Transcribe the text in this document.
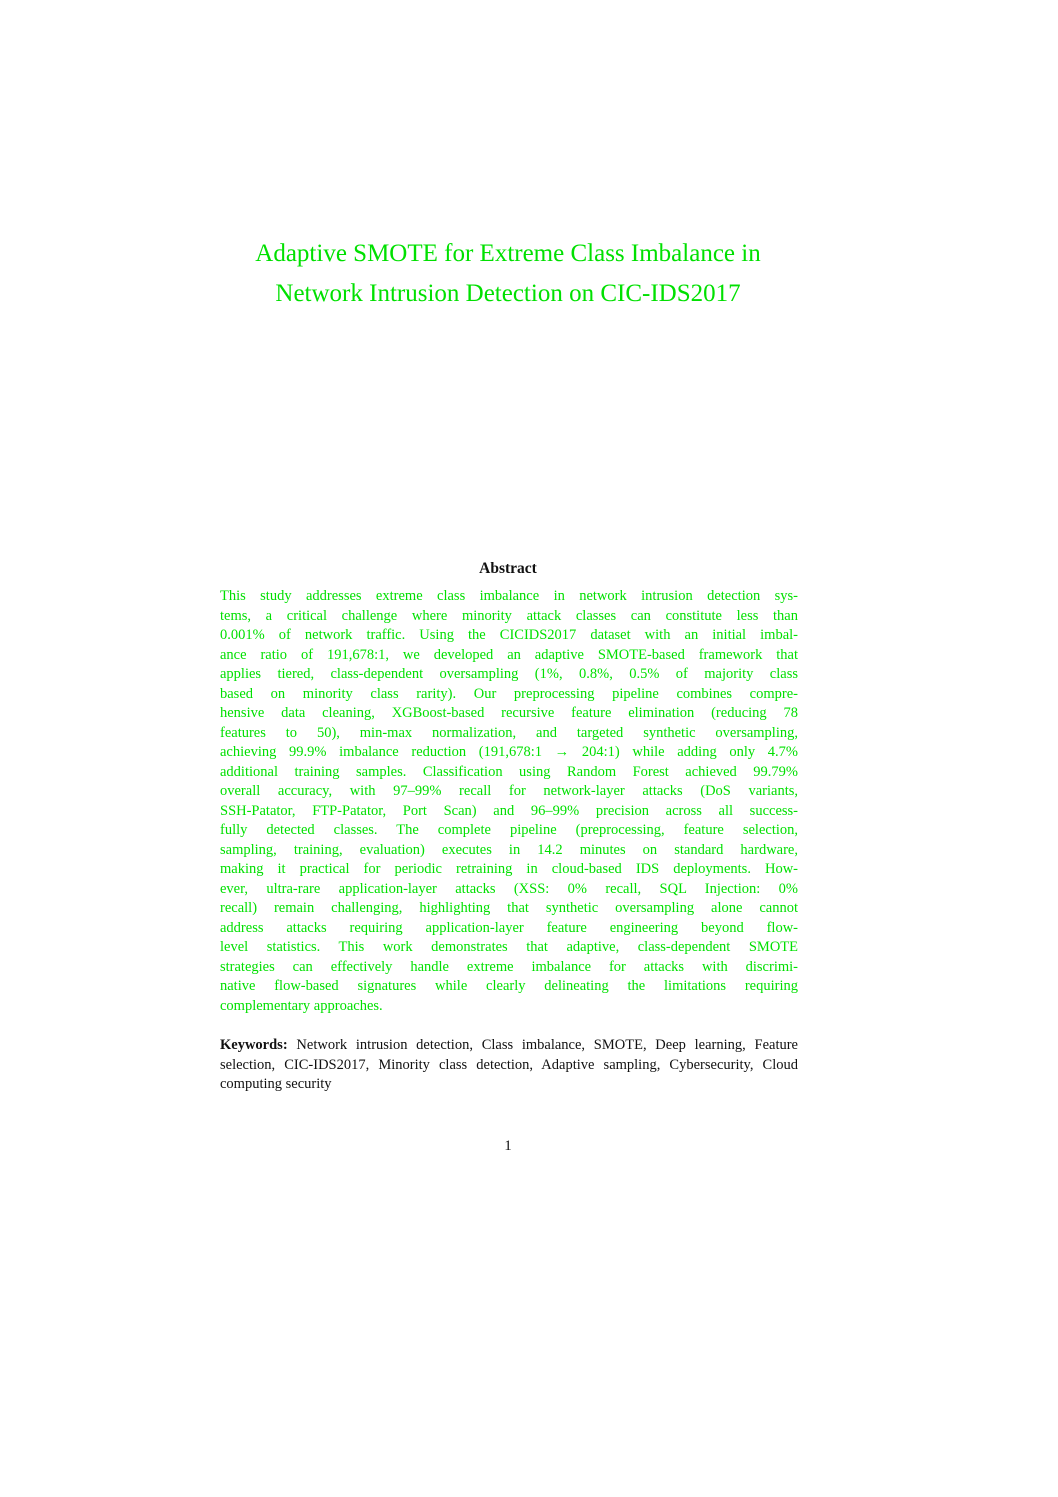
Adaptive SMOTE for Extreme Class Imbalance in
Network Intrusion Detection on CIC-IDS2017
Abstract
This study addresses extreme class imbalance in network intrusion detection sys-
tems, a critical challenge where minority attack classes can constitute less than
0.001% of network traffic. Using the CICIDS2017 dataset with an initial imbal-
ance ratio of 191,678:1, we developed an adaptive SMOTE-based framework that
applies tiered, class-dependent oversampling (1%, 0.8%, 0.5% of majority class
based on minority class rarity). Our preprocessing pipeline combines compre-
hensive data cleaning, XGBoost-based recursive feature elimination (reducing 78
features to 50), min-max normalization, and targeted synthetic oversampling,
achieving 99.9% imbalance reduction (191,678:1 → 204:1) while adding only 4.7%
additional training samples. Classification using Random Forest achieved 99.79%
overall accuracy, with 97–99% recall for network-layer attacks (DoS variants,
SSH-Patator, FTP-Patator, Port Scan) and 96–99% precision across all success-
fully detected classes. The complete pipeline (preprocessing, feature selection,
sampling, training, evaluation) executes in 14.2 minutes on standard hardware,
making it practical for periodic retraining in cloud-based IDS deployments. How-
ever, ultra-rare application-layer attacks (XSS: 0% recall, SQL Injection: 0%
recall) remain challenging, highlighting that synthetic oversampling alone cannot
address attacks requiring application-layer feature engineering beyond flow-
level statistics. This work demonstrates that adaptive, class-dependent SMOTE
strategies can effectively handle extreme imbalance for attacks with discrimi-
native flow-based signatures while clearly delineating the limitations requiring
complementary approaches.
Keywords: Network intrusion detection, Class imbalance, SMOTE, Deep learning, Feature selection, CIC-IDS2017, Minority class detection, Adaptive sampling, Cybersecurity, Cloud computing security
1
